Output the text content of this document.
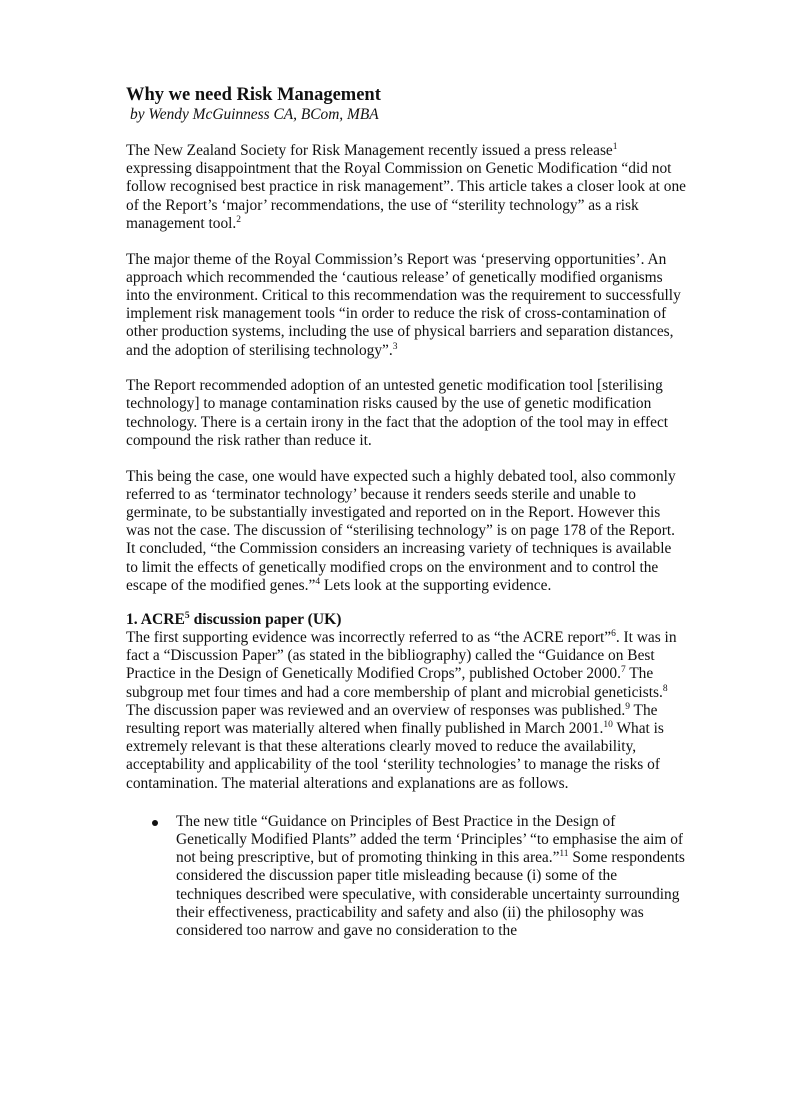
Why we need Risk Management

by Wendy McGuinness CA, BCom, MBA

The New Zealand Society for Risk Management recently issued a press release$^1$ expressing disappointment that the Royal Commission on Genetic Modification “did not follow recognised best practice in risk management”. This article takes a closer look at one of the Report’s ‘major’ recommendations, the use of “sterility technology” as a risk management tool.$^2$

The major theme of the Royal Commission’s Report was ‘preserving opportunities’. An approach which recommended the ‘cautious release’ of genetically modified organisms into the environment. Critical to this recommendation was the requirement to successfully implement risk management tools “in order to reduce the risk of cross-contamination of other production systems, including the use of physical barriers and separation distances, and the adoption of sterilising technology”.$^3$

The Report recommended adoption of an untested genetic modification tool [sterilising technology] to manage contamination risks caused by the use of genetic modification technology. There is a certain irony in the fact that the adoption of the tool may in effect compound the risk rather than reduce it.

This being the case, one would have expected such a highly debated tool, also commonly referred to as ‘terminator technology’ because it renders seeds sterile and unable to germinate, to be substantially investigated and reported on in the Report. However this was not the case. The discussion of “sterilising technology” is on page 178 of the Report. It concluded, “the Commission considers an increasing variety of techniques is available to limit the effects of genetically modified crops on the environment and to control the escape of the modified genes.”$^4$ Lets look at the supporting evidence.

1. ACRE$^5$ discussion paper (UK)

The first supporting evidence was incorrectly referred to as “the ACRE report”$^6$. It was in fact a “Discussion Paper” (as stated in the bibliography) called the “Guidance on Best Practice in the Design of Genetically Modified Crops”, published October 2000.$^7$ The subgroup met four times and had a core membership of plant and microbial geneticists.$^8$ The discussion paper was reviewed and an overview of responses was published.$^9$ The resulting report was materially altered when finally published in March 2001.10 What is extremely relevant is that these alterations clearly moved to reduce the availability, acceptability and applicability of the tool ‘sterility technologies’ to manage the risks of contamination. The material alterations and explanations are as follows.

The new title “Guidance on Principles of Best Practice in the Design of Genetically Modified Plants” added the term ‘Principles’ “to emphasise the aim of not being prescriptive, but of promoting thinking in this area.”$^{11}$ Some respondents considered the discussion paper title misleading because (i) some of the techniques described were speculative, with considerable uncertainty surrounding their effectiveness, practicability and safety and also (ii) the philosophy was considered too narrow and gave no consideration to the
